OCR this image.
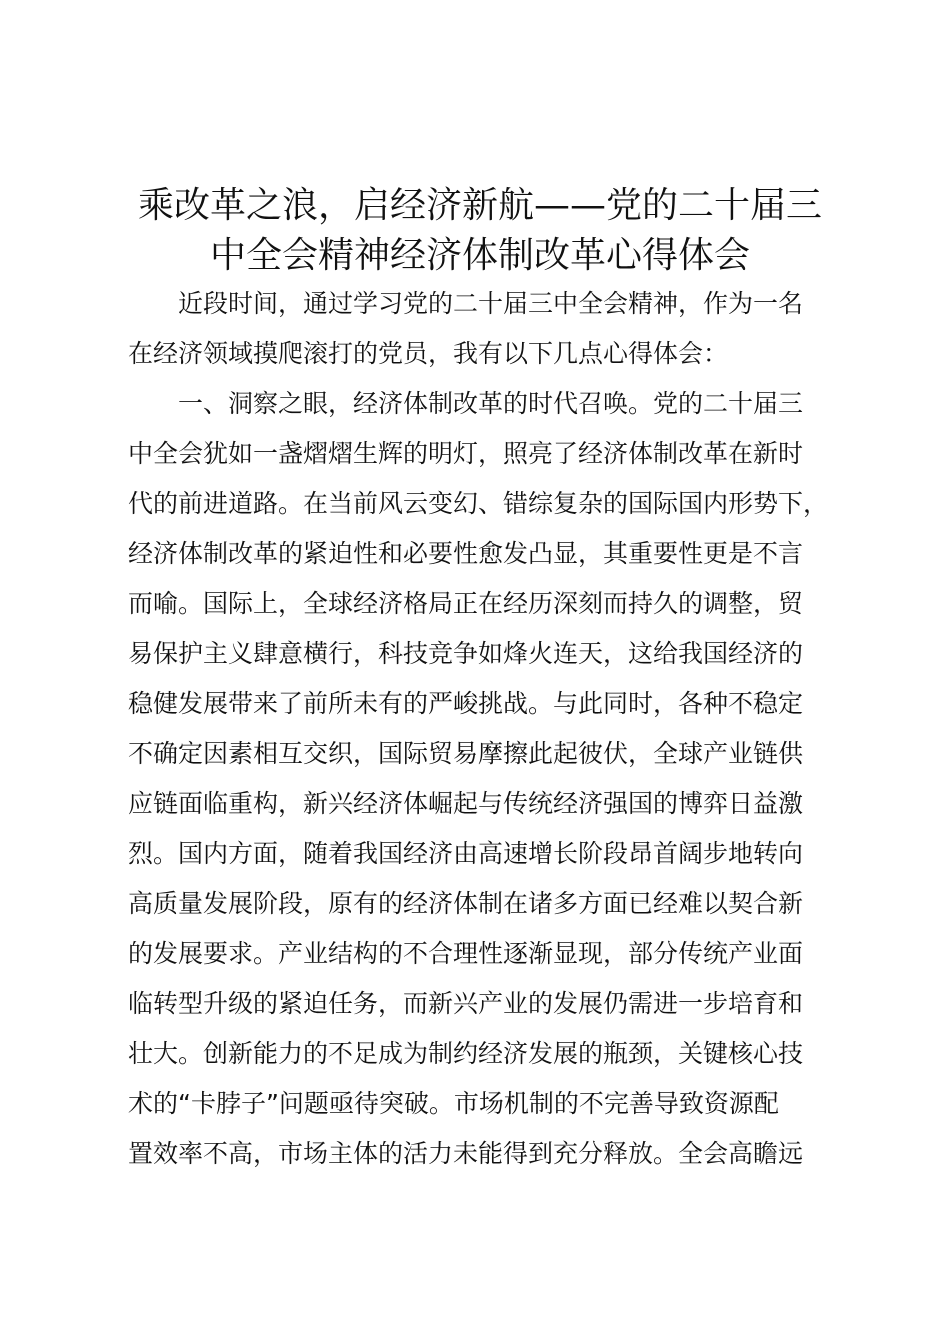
乘改革之浪，启经济新航——党的二十届三
中全会精神经济体制改革心得体会
近段时间，通过学习党的二十届三中全会精神，作为一名
在经济领域摸爬滚打的党员，我有以下几点心得体会：
一、洞察之眼，经济体制改革的时代召唤。党的二十届三
中全会犹如一盏熠熠生辉的明灯，照亮了经济体制改革在新时
代的前进道路。在当前风云变幻、错综复杂的国际国内形势下，
经济体制改革的紧迫性和必要性愈发凸显，其重要性更是不言
而喻。国际上，全球经济格局正在经历深刻而持久的调整，贸
易保护主义肆意横行，科技竞争如烽火连天，这给我国经济的
稳健发展带来了前所未有的严峻挑战。与此同时，各种不稳定
不确定因素相互交织，国际贸易摩擦此起彼伏，全球产业链供
应链面临重构，新兴经济体崛起与传统经济强国的博弈日益激
烈。国内方面，随着我国经济由高速增长阶段昂首阔步地转向
高质量发展阶段，原有的经济体制在诸多方面已经难以契合新
的发展要求。产业结构的不合理性逐渐显现，部分传统产业面
临转型升级的紧迫任务，而新兴产业的发展仍需进一步培育和
壮大。创新能力的不足成为制约经济发展的瓶颈，关键核心技
术的“卡脖子”问题亟待突破。市场机制的不完善导致资源配
置效率不高，市场主体的活力未能得到充分释放。全会高瞻远
